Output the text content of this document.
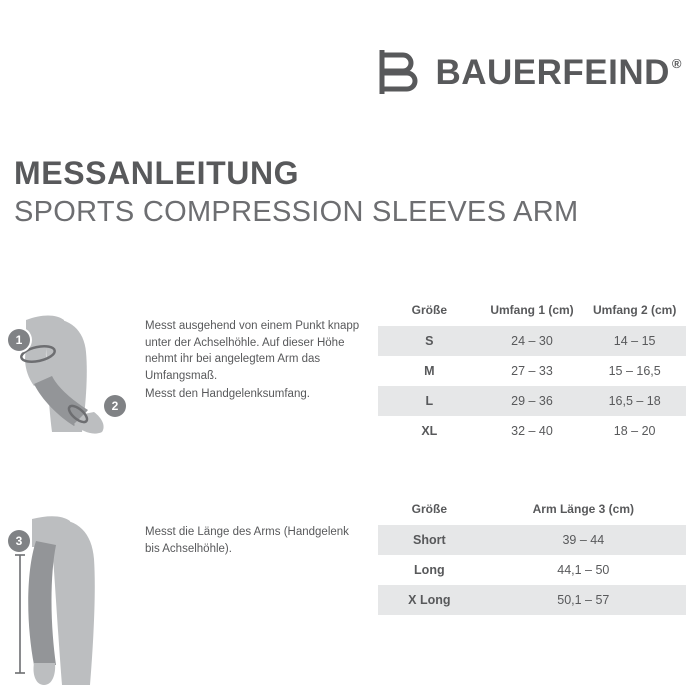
BAUERFEIND ®
MESSANLEITUNG
SPORTS COMPRESSION SLEEVES ARM
1
2
3
Messt ausgehend von einem Punkt knapp unter der Achselhöhle. Auf dieser Höhe nehmt ihr bei angelegtem Arm das Umfangsmaß.
Messt den Handgelenksumfang.
Messt die Länge des Arms (Handgelenk bis Achselhöhle).
Größe	Umfang 1 (cm)	Umfang 2 (cm)
S	24 – 30	14 – 15
M	27 – 33	15 – 16,5
L	29 – 36	16,5 – 18
XL	32 – 40	18 – 20
Größe	Arm Länge 3 (cm)
Short	39 – 44
Long	44,1 – 50
X Long	50,1 – 57
